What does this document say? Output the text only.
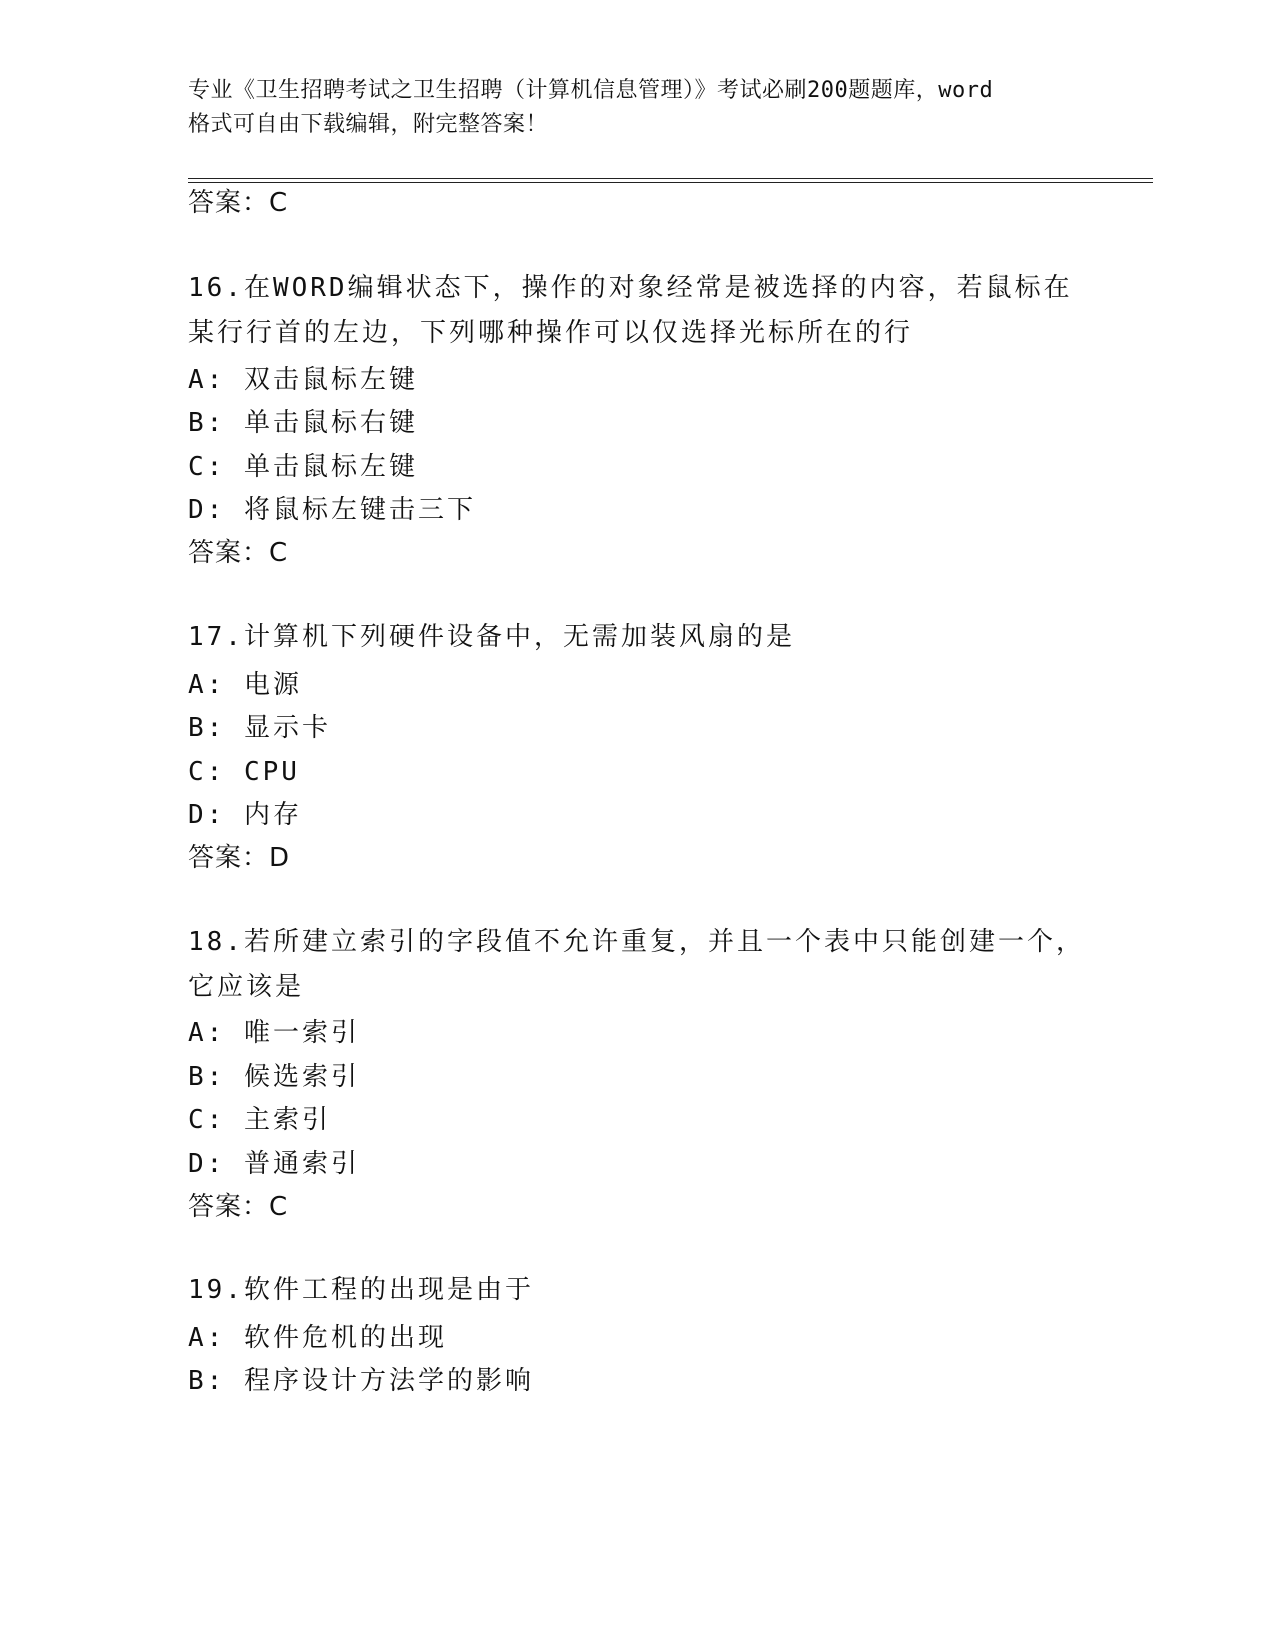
专业《卫生招聘考试之卫生招聘（计算机信息管理）》考试必刷200题题库，word
格式可自由下载编辑，附完整答案！
答案：C
16.在WORD编辑状态下，操作的对象经常是被选择的内容，若鼠标在
某行行首的左边，下列哪种操作可以仅选择光标所在的行
A: 双击鼠标左键
B: 单击鼠标右键
C: 单击鼠标左键
D: 将鼠标左键击三下
答案：C
17.计算机下列硬件设备中，无需加装风扇的是
A: 电源
B: 显示卡
C: CPU
D: 内存
答案：D
18.若所建立索引的字段值不允许重复，并且一个表中只能创建一个，
它应该是
A: 唯一索引
B: 候选索引
C: 主索引
D: 普通索引
答案：C
19.软件工程的出现是由于
A: 软件危机的出现
B: 程序设计方法学的影响
